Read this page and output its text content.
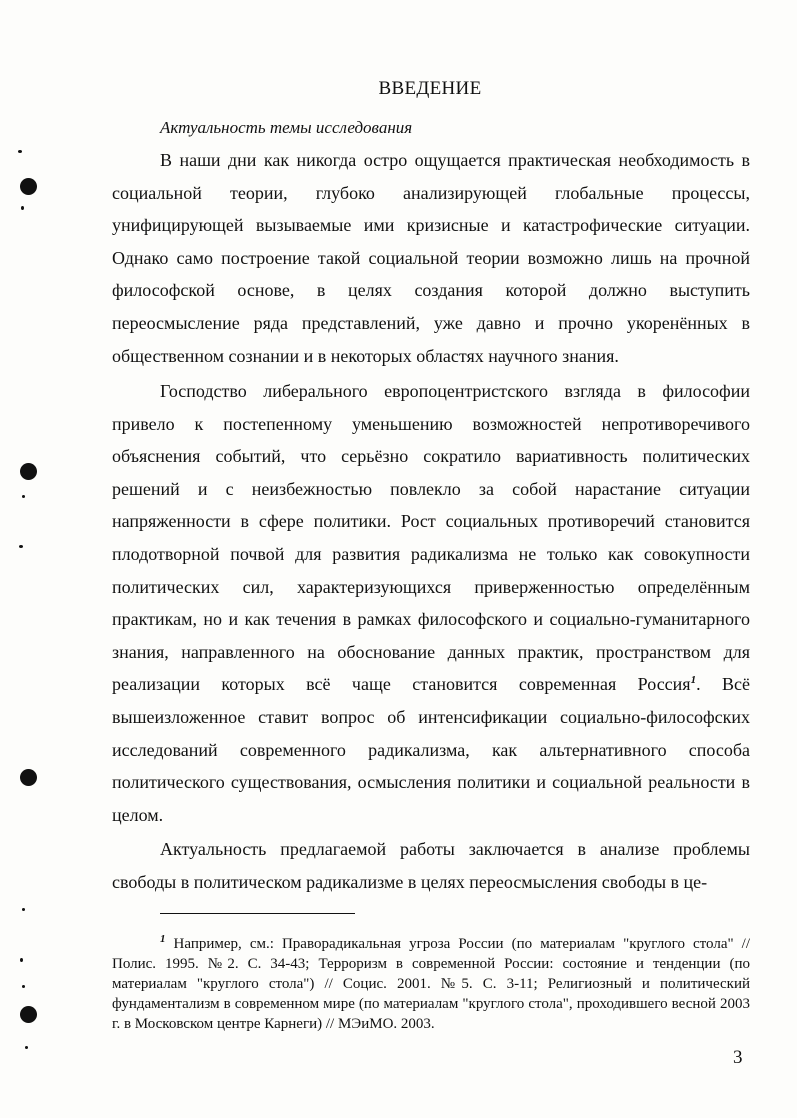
ВВЕДЕНИЕ
Актуальность темы исследования

В наши дни как никогда остро ощущается практическая необходимость в социальной теории, глубоко анализирующей глобальные процессы, унифицирующей вызываемые ими кризисные и катастрофические ситуации. Однако само построение такой социальной теории возможно лишь на прочной философской основе, в целях создания которой должно выступить переосмысление ряда представлений, уже давно и прочно укоренённых в общественном сознании и в некоторых областях научного знания.

Господство либерального европоцентристского взгляда в философии привело к постепенному уменьшению возможностей непротиворечивого объяснения событий, что серьёзно сократило вариативность политических решений и с неизбежностью повлекло за собой нарастание ситуации напряженности в сфере политики. Рост социальных противоречий становится плодотворной почвой для развития радикализма не только как совокупности политических сил, характеризующихся приверженностью определённым практикам, но и как течения в рамках философского и социально-гуманитарного знания, направленного на обоснование данных практик, пространством для реализации которых всё чаще становится современная Россия$^1$. Всё вышеизложенное ставит вопрос об интенсификации социально-философских исследований современного радикализма, как альтернативного способа политического существования, осмысления политики и социальной реальности в целом.

Актуальность предлагаемой работы заключается в анализе проблемы свободы в политическом радикализме в целях переосмысления свободы в це-

$^1$ Например, см.: Праворадикальная угроза России (по материалам "круглого стола" // Полис. 1995. №2. С. 34-43; Терроризм в современной России: состояние и тенденции (по материалам "круглого стола") // Социс. 2001. №5. С. 3-11; Религиозный и политический фундаментализм в современном мире (по материалам "круглого стола", проходившего весной 2003 г. в Московском центре Карнеги) // МЭиМО. 2003.

3
